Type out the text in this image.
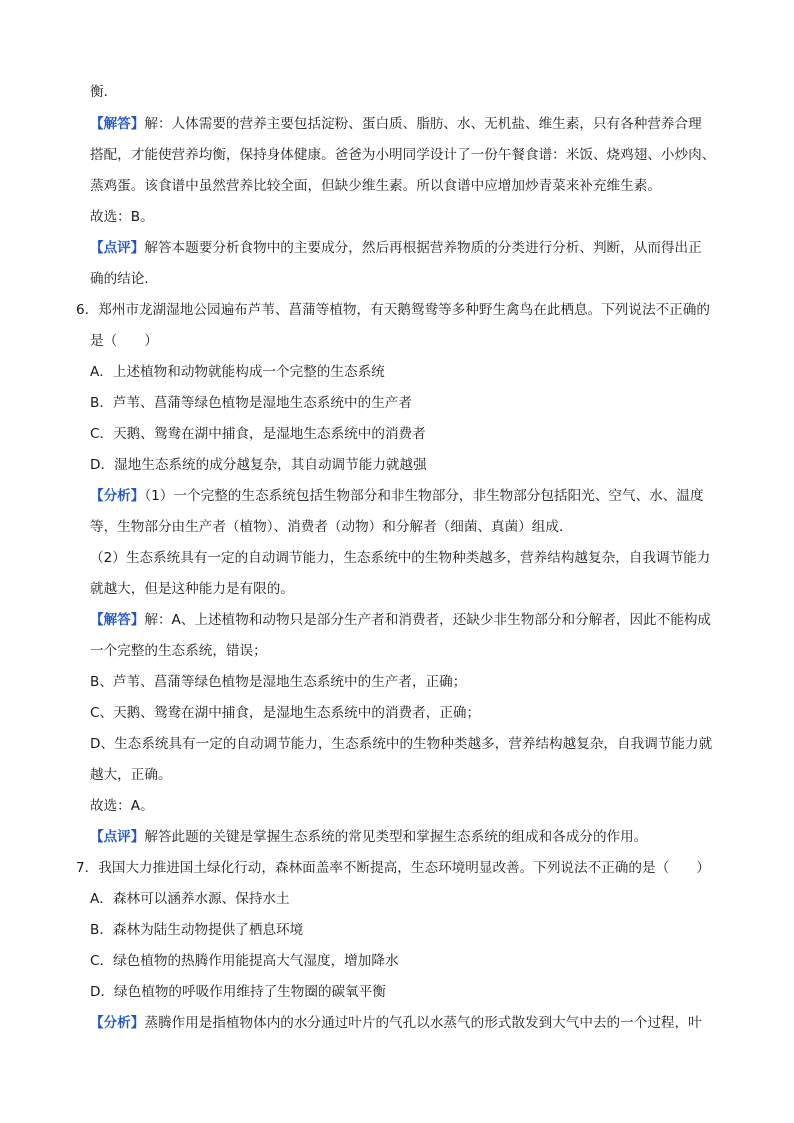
衡．
【解答】解：人体需要的营养主要包括淀粉、蛋白质、脂肪、水、无机盐、维生素，只有各种营养合理
搭配，才能使营养均衡，保持身体健康。爸爸为小明同学设计了一份午餐食谱：米饭、烧鸡翅、小炒肉、
蒸鸡蛋。该食谱中虽然营养比较全面，但缺少维生素。所以食谱中应增加炒青菜来补充维生素。
故选：B。
【点评】解答本题要分析食物中的主要成分，然后再根据营养物质的分类进行分析、判断，从而得出正
确的结论．
6．郑州市龙湖湿地公园遍布芦苇、菖蒲等植物，有天鹅鸳鸯等多种野生禽鸟在此栖息。下列说法不正确的
是（　　）
A．上述植物和动物就能构成一个完整的生态系统
B．芦苇、菖蒲等绿色植物是湿地生态系统中的生产者
C．天鹅、鸳鸯在湖中捕食，是湿地生态系统中的消费者
D．湿地生态系统的成分越复杂，其自动调节能力就越强
【分析】（1）一个完整的生态系统包括生物部分和非生物部分，非生物部分包括阳光、空气、水、温度
等，生物部分由生产者（植物）、消费者（动物）和分解者（细菌、真菌）组成．
（2）生态系统具有一定的自动调节能力，生态系统中的生物种类越多，营养结构越复杂，自我调节能力
就越大，但是这种能力是有限的。
【解答】解：A、上述植物和动物只是部分生产者和消费者，还缺少非生物部分和分解者，因此不能构成
一个完整的生态系统，错误；
B、芦苇、菖蒲等绿色植物是湿地生态系统中的生产者，正确；
C、天鹅、鸳鸯在湖中捕食，是湿地生态系统中的消费者，正确；
D、生态系统具有一定的自动调节能力，生态系统中的生物种类越多，营养结构越复杂，自我调节能力就
越大，正确。
故选：A。
【点评】解答此题的关键是掌握生态系统的常见类型和掌握生态系统的组成和各成分的作用。
7．我国大力推进国土绿化行动，森林面盖率不断提高，生态环境明显改善。下列说法不正确的是（　　）
A．森林可以涵养水源、保持水土
B．森林为陆生动物提供了栖息环境
C．绿色植物的热腾作用能提高大气湿度，增加降水
D．绿色植物的呼吸作用维持了生物圈的碳氧平衡
【分析】蒸腾作用是指植物体内的水分通过叶片的气孔以水蒸气的形式散发到大气中去的一个过程，叶
